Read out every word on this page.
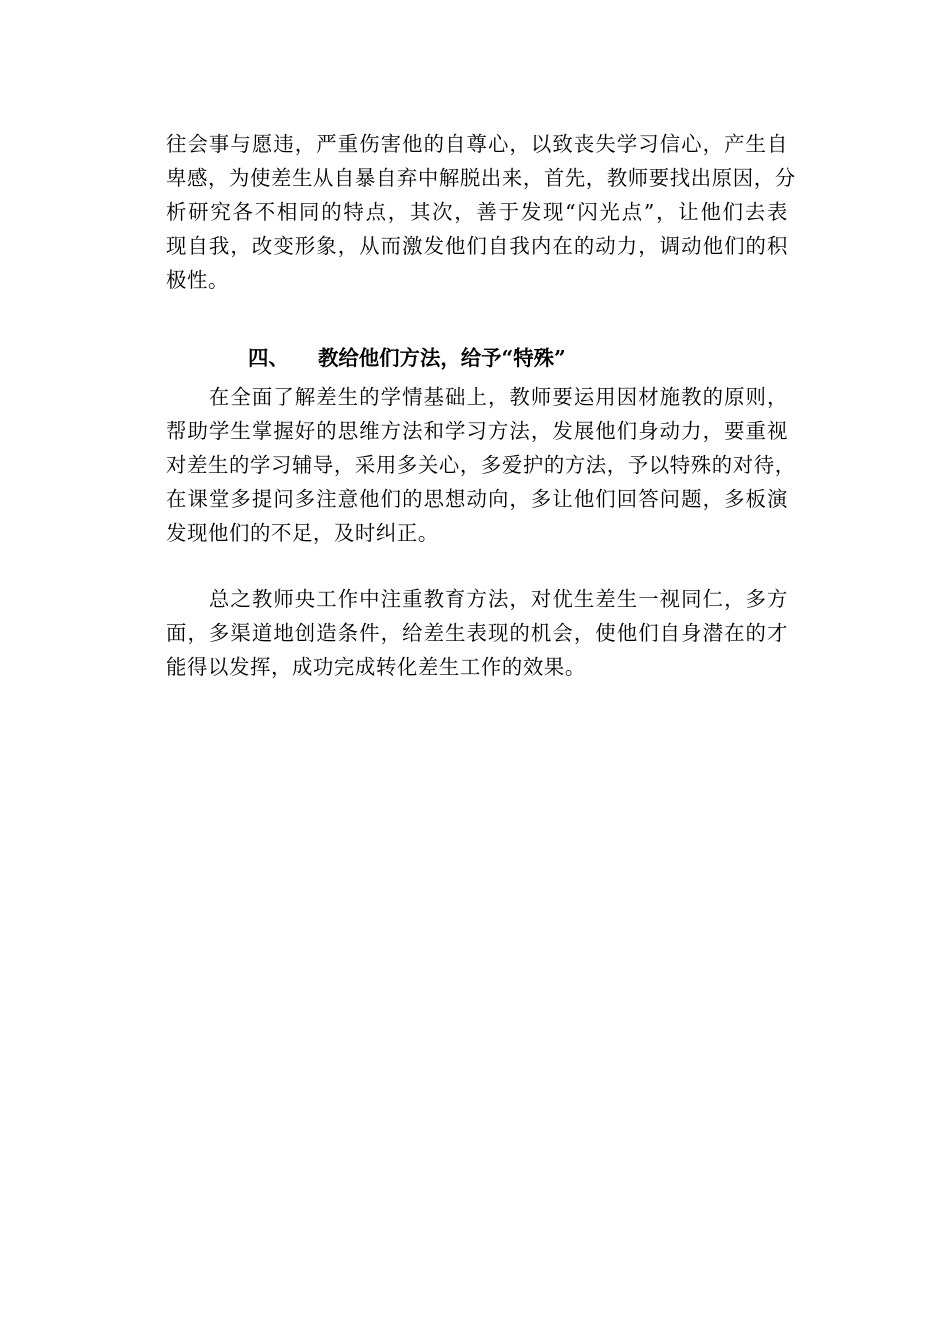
往会事与愿违，严重伤害他的自尊心，以致丧失学习信心，产生自
卑感，为使差生从自暴自弃中解脱出来，首先，教师要找出原因，分
析研究各不相同的特点，其次，善于发现“闪光点”，让他们去表
现自我，改变形象，从而激发他们自我内在的动力，调动他们的积
极性。
四、 教给他们方法，给予“特殊”
　　在全面了解差生的学情基础上，教师要运用因材施教的原则，
帮助学生掌握好的思维方法和学习方法，发展他们身动力，要重视
对差生的学习辅导，采用多关心，多爱护的方法，予以特殊的对待，
在课堂多提问多注意他们的思想动向，多让他们回答问题，多板演
发现他们的不足，及时纠正。
　　总之教师央工作中注重教育方法，对优生差生一视同仁，多方
面，多渠道地创造条件，给差生表现的机会，使他们自身潜在的才
能得以发挥，成功完成转化差生工作的效果。
